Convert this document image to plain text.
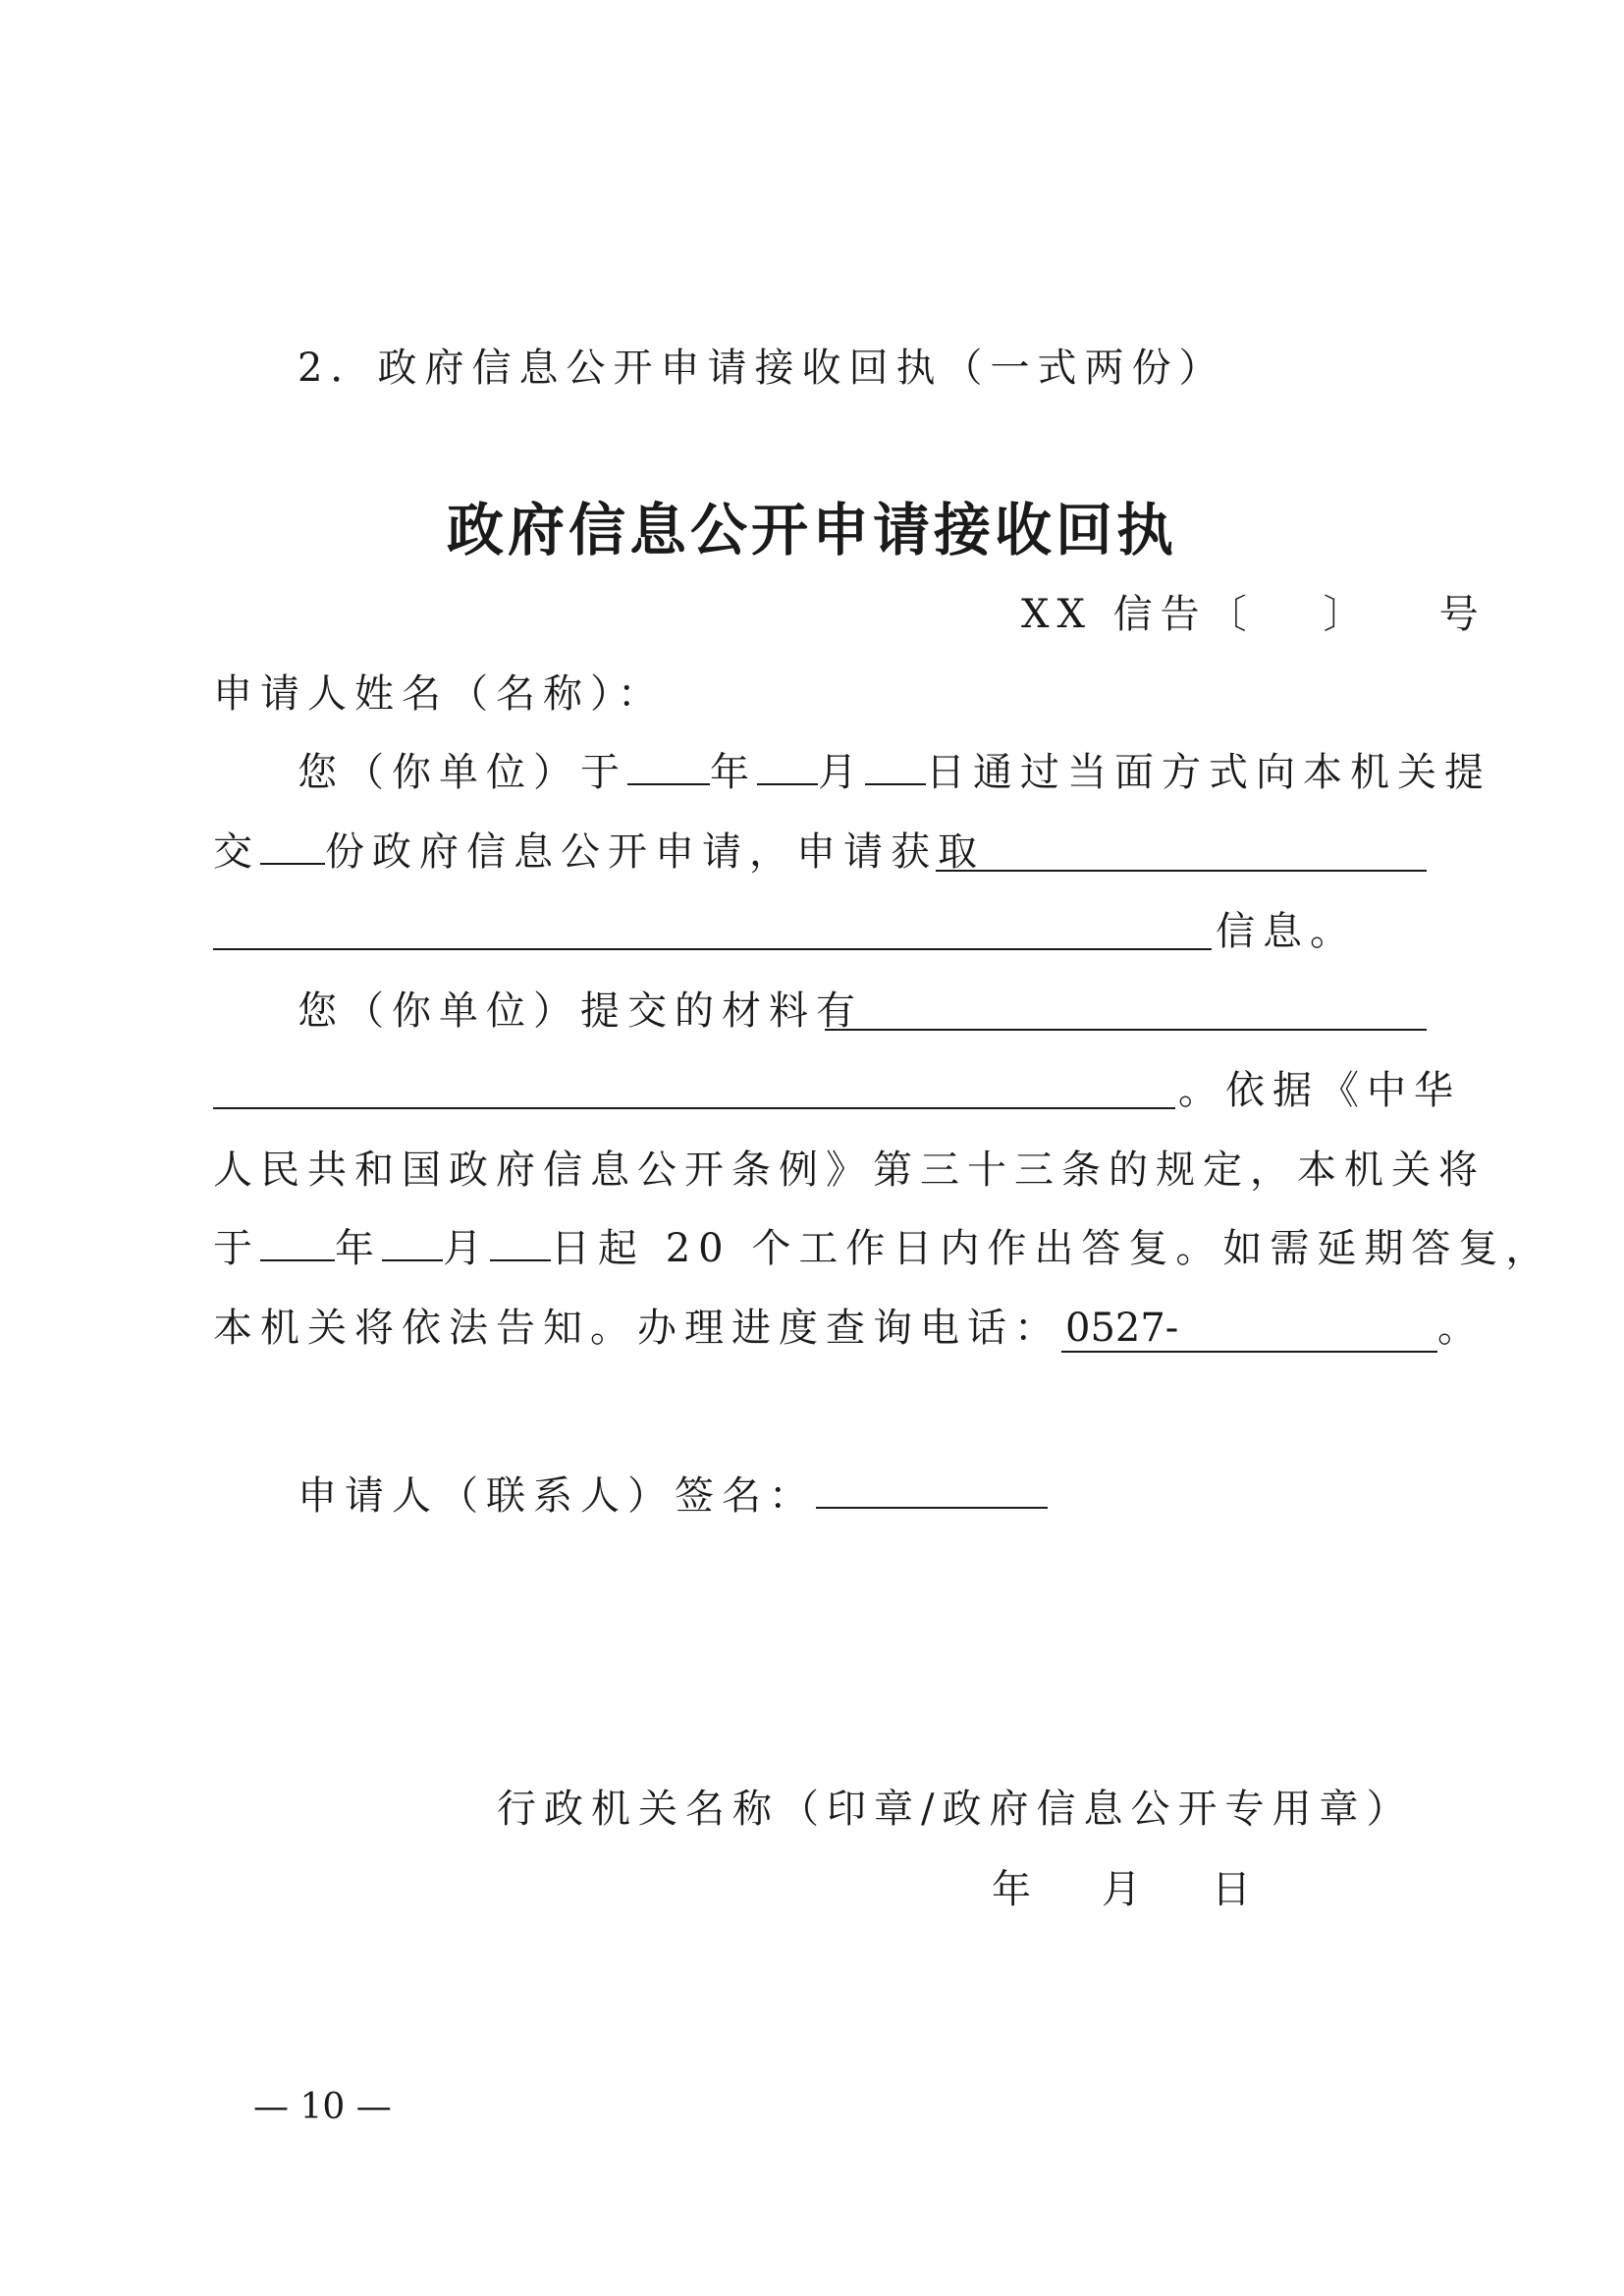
2．政府信息公开申请接收回执（一式两份）
政府信息公开申请接收回执
XX 信告〔 〕 号
申请人姓名（名称）：
您（你单位）于 年 月 日通过当面方式向本机关提
交 份政府信息公开申请，申请获取
信息。
您（你单位）提交的材料有
。依据《中华
人民共和国政府信息公开条例》第三十三条的规定，本机关将
于 年 月 日起 20 个工作日内作出答复。如需延期答复，
本机关将依法告知。办理进度查询电话： 0527-	。
申请人（联系人）签名：
行政机关名称（印章/政府信息公开专用章）
年 月 日
— 10 —
